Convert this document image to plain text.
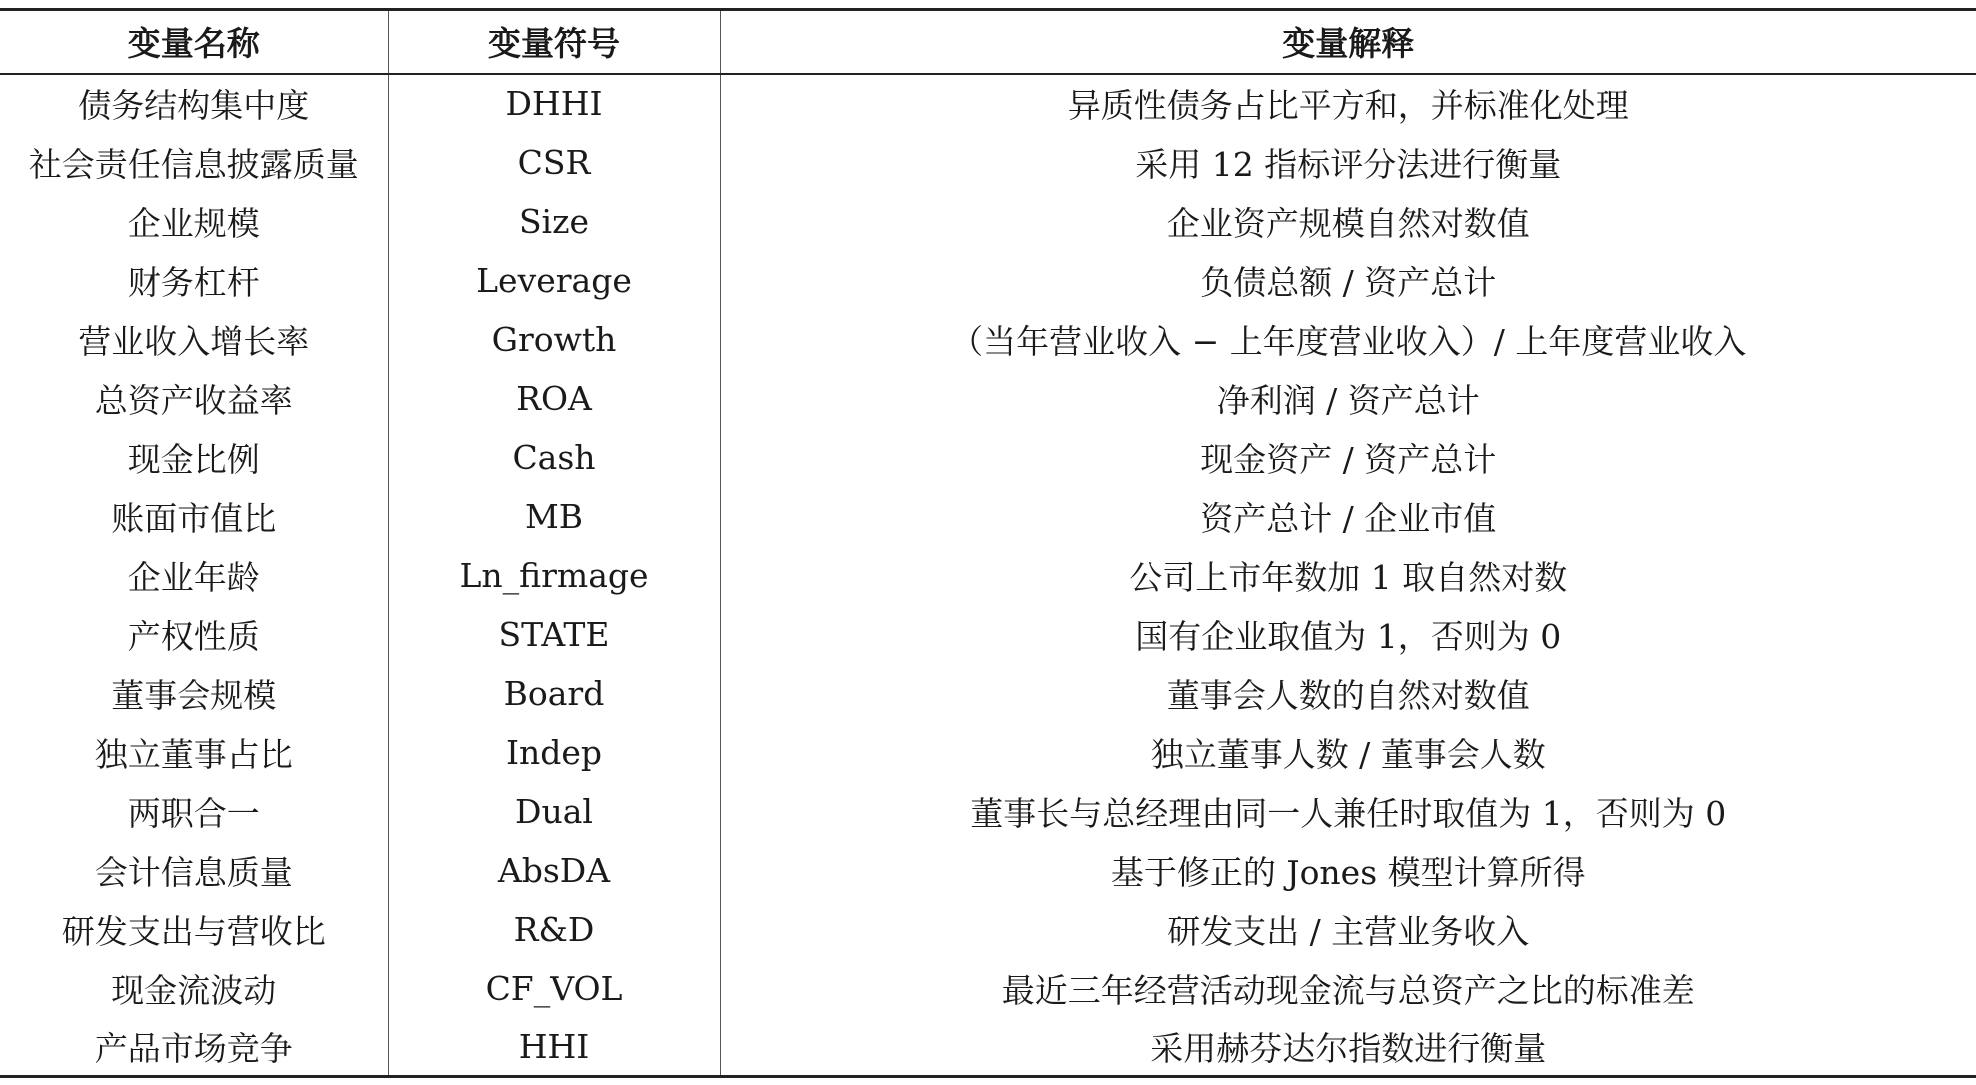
变量名称	变量符号	变量解释
债务结构集中度	DHHI	异质性债务占比平方和，并标准化处理
社会责任信息披露质量	CSR	采用 12 指标评分法进行衡量
企业规模	Size	企业资产规模自然对数值
财务杠杆	Leverage	负债总额 / 资产总计
营业收入增长率	Growth	（当年营业收入 − 上年度营业收入）/ 上年度营业收入
总资产收益率	ROA	净利润 / 资产总计
现金比例	Cash	现金资产 / 资产总计
账面市值比	MB	资产总计 / 企业市值
企业年龄	Ln_firmage	公司上市年数加 1 取自然对数
产权性质	STATE	国有企业取值为 1，否则为 0
董事会规模	Board	董事会人数的自然对数值
独立董事占比	Indep	独立董事人数 / 董事会人数
两职合一	Dual	董事长与总经理由同一人兼任时取值为 1，否则为 0
会计信息质量	AbsDA	基于修正的 Jones 模型计算所得
研发支出与营收比	R&D	研发支出 / 主营业务收入
现金流波动	CF_VOL	最近三年经营活动现金流与总资产之比的标准差
产品市场竞争	HHI	采用赫芬达尔指数进行衡量
